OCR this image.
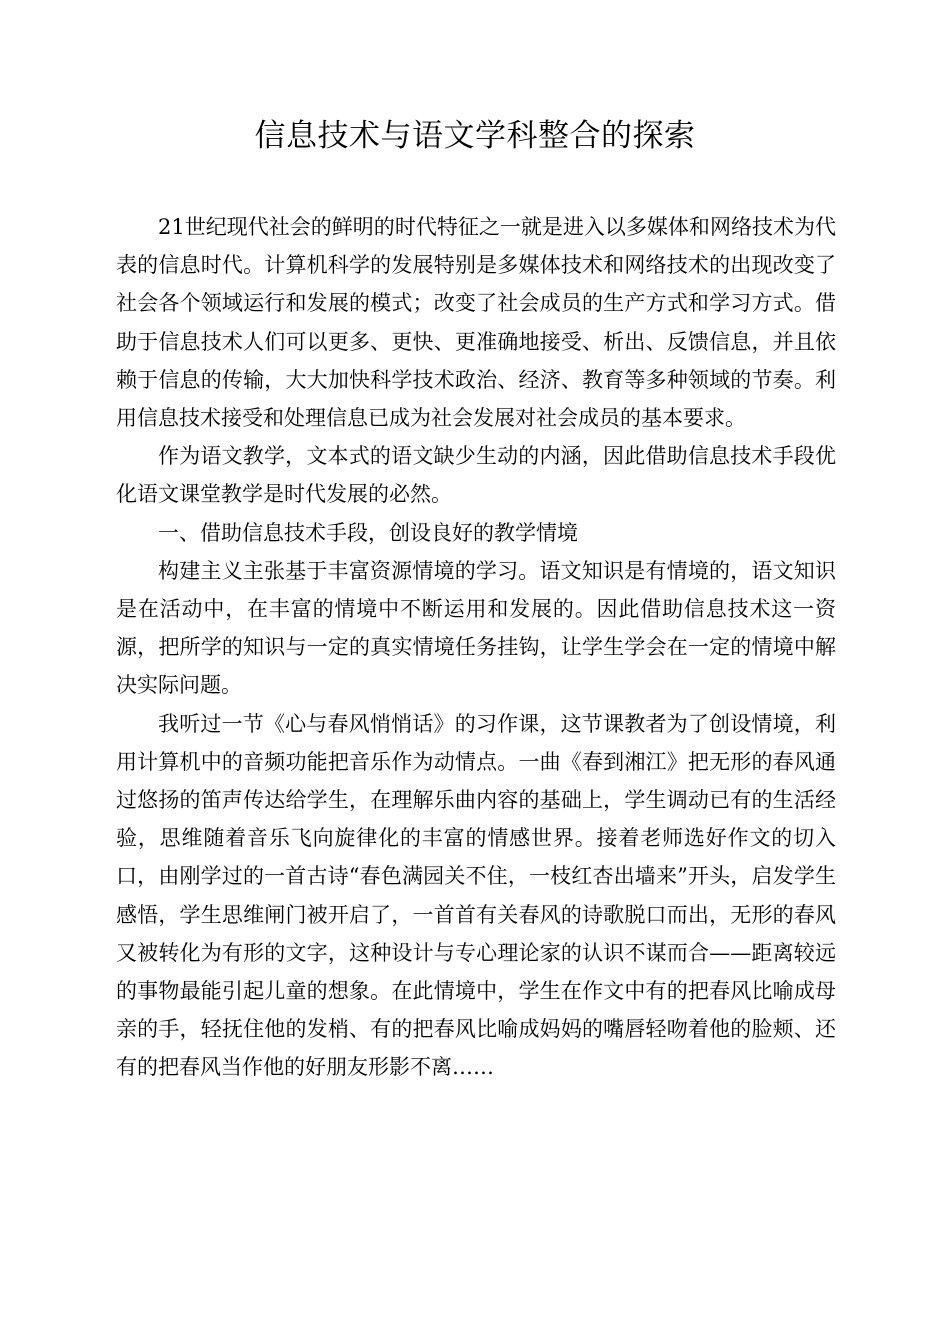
信息技术与语文学科整合的探索

21世纪现代社会的鲜明的时代特征之一就是进入以多媒体和网络技术为代表的信息时代。计算机科学的发展特别是多媒体技术和网络技术的出现改变了社会各个领域运行和发展的模式；改变了社会成员的生产方式和学习方式。借助于信息技术人们可以更多、更快、更准确地接受、析出、反馈信息，并且依赖于信息的传输，大大加快科学技术政治、经济、教育等多种领域的节奏。利用信息技术接受和处理信息已成为社会发展对社会成员的基本要求。

作为语文教学，文本式的语文缺少生动的内涵，因此借助信息技术手段优化语文课堂教学是时代发展的必然。

一、借助信息技术手段，创设良好的教学情境

构建主义主张基于丰富资源情境的学习。语文知识是有情境的，语文知识是在活动中，在丰富的情境中不断运用和发展的。因此借助信息技术这一资源，把所学的知识与一定的真实情境任务挂钩，让学生学会在一定的情境中解决实际问题。

我听过一节《心与春风悄悄话》的习作课，这节课教者为了创设情境，利用计算机中的音频功能把音乐作为动情点。一曲《春到湘江》把无形的春风通过悠扬的笛声传达给学生，在理解乐曲内容的基础上，学生调动已有的生活经验，思维随着音乐飞向旋律化的丰富的情感世界。接着老师选好作文的切入口，由刚学过的一首古诗“春色满园关不住，一枝红杏出墙来”开头，启发学生感悟，学生思维闸门被开启了，一首首有关春风的诗歌脱口而出，无形的春风又被转化为有形的文字，这种设计与专心理论家的认识不谋而合——距离较远的事物最能引起儿童的想象。在此情境中，学生在作文中有的把春风比喻成母亲的手，轻抚住他的发梢、有的把春风比喻成妈妈的嘴唇轻吻着他的脸颊、还有的把春风当作他的好朋友形影不离……
